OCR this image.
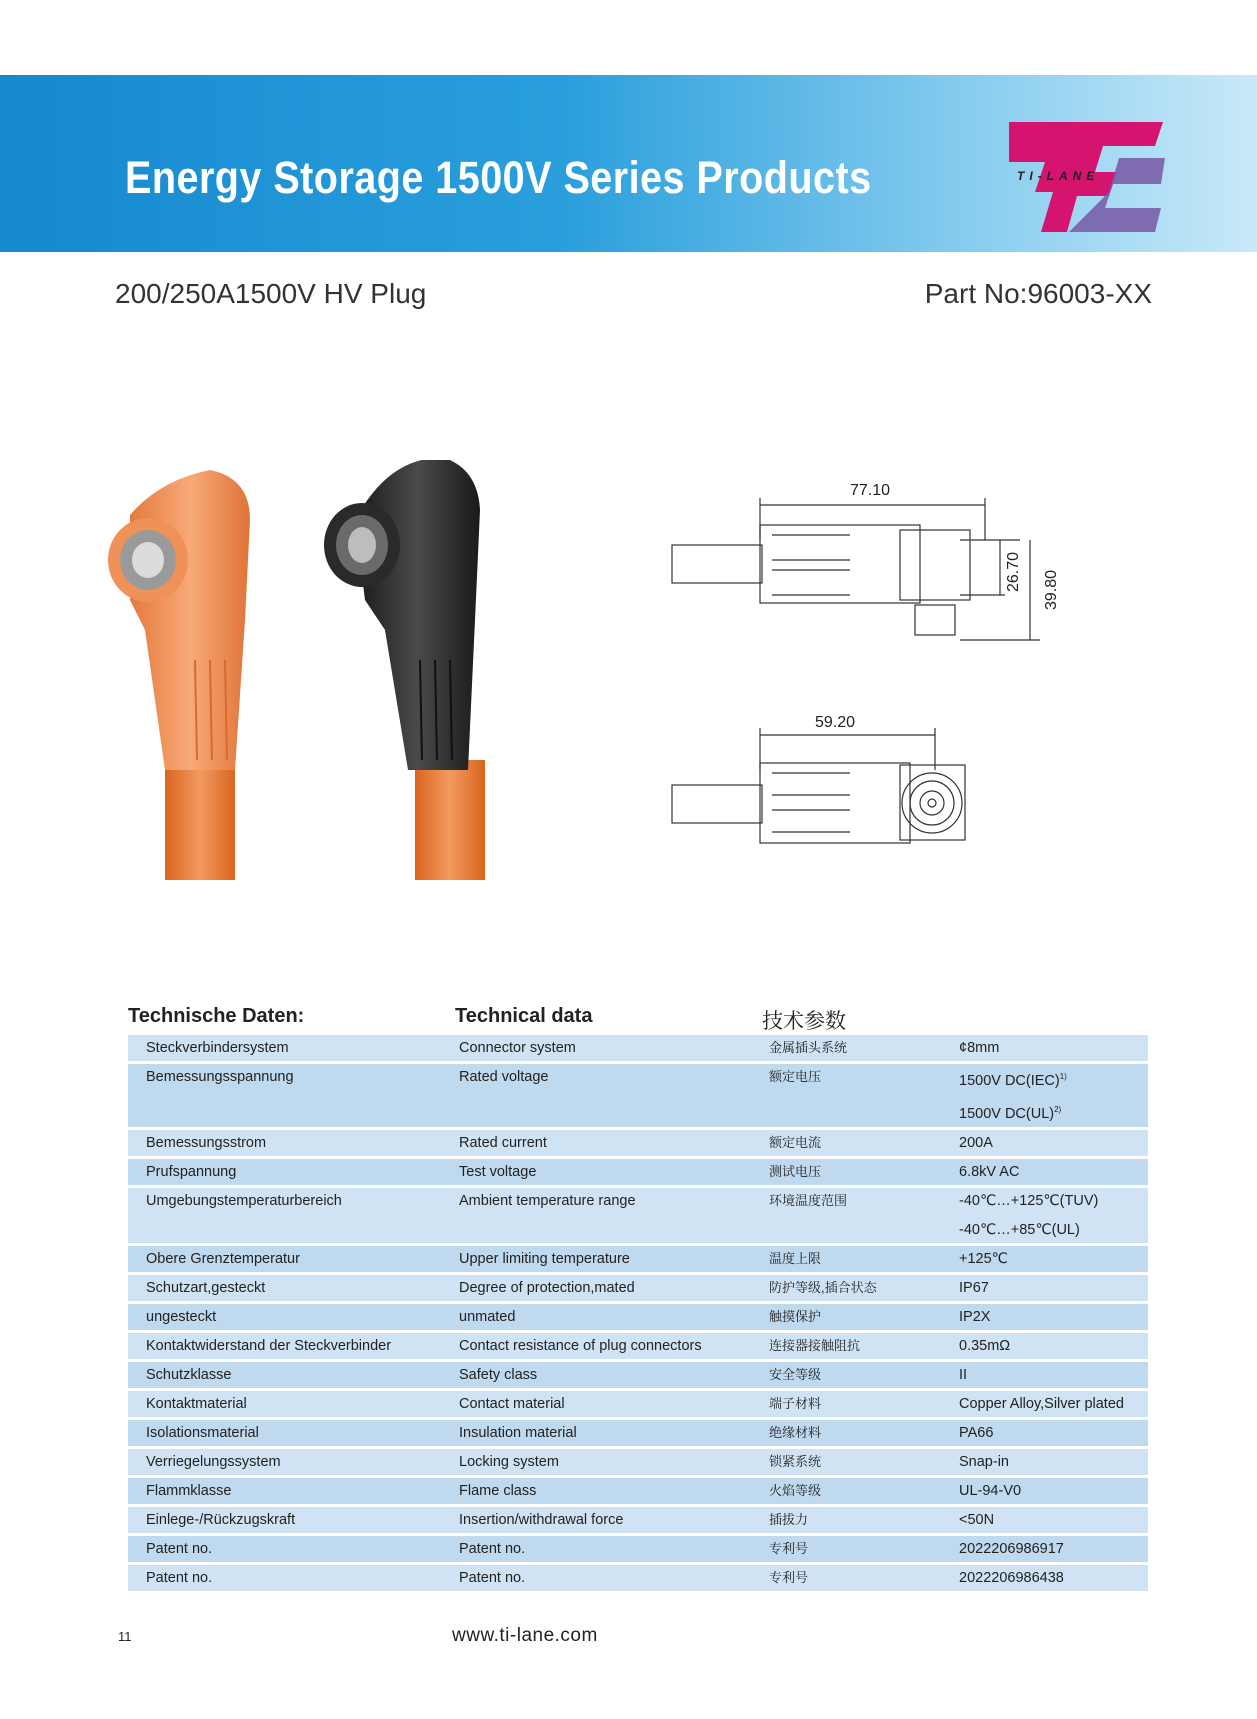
Energy Storage 1500V Series Products	TI-LANE
200/250A1500V HV Plug	Part No:96003-XX
77.10
26.70 39.80
59.20
Technische Daten:	Technical data	技术参数
Steckverbindersystem	Connector system	金属插头系统	¢8mm
Bemessungsspannung	Rated voltage	额定电压	1500V DC(IEC)$^{1)}$
1500V DC(UL)$^{2)}$

Bemessungsstrom	Rated current	额定电流	200A
Prufspannung	Test voltage	测试电压	6.8kV AC
Umgebungstemperaturbereich	Ambient temperature range	环境温度范围	-40℃…+125℃(TUV)
-40℃…+85℃(UL)

Obere Grenztemperatur	Upper limiting temperature	温度上限	+125℃
Schutzart,gesteckt	Degree of protection,mated	防护等级,插合状态	IP67
ungesteckt	unmated	触摸保护	IP2X
Kontaktwiderstand der Steckverbinder	Contact resistance of plug connectors	连接器接触阻抗	0.35mΩ
Schutzklasse	Safety class	安全等级	II
Kontaktmaterial	Contact material	端子材料	Copper Alloy,Silver plated
Isolationsmaterial	Insulation material	绝缘材料	PA66
Verriegelungssystem	Locking system	锁紧系统	Snap-in
Flammklasse	Flame class	火焰等级	UL-94-V0
Einlege-/Rückzugskraft	Insertion/withdrawal force	插拔力	<50N
Patent no.	Patent no.	专利号	2022206986917
Patent no.	Patent no.	专利号	2022206986438
11	www.ti-lane.com
